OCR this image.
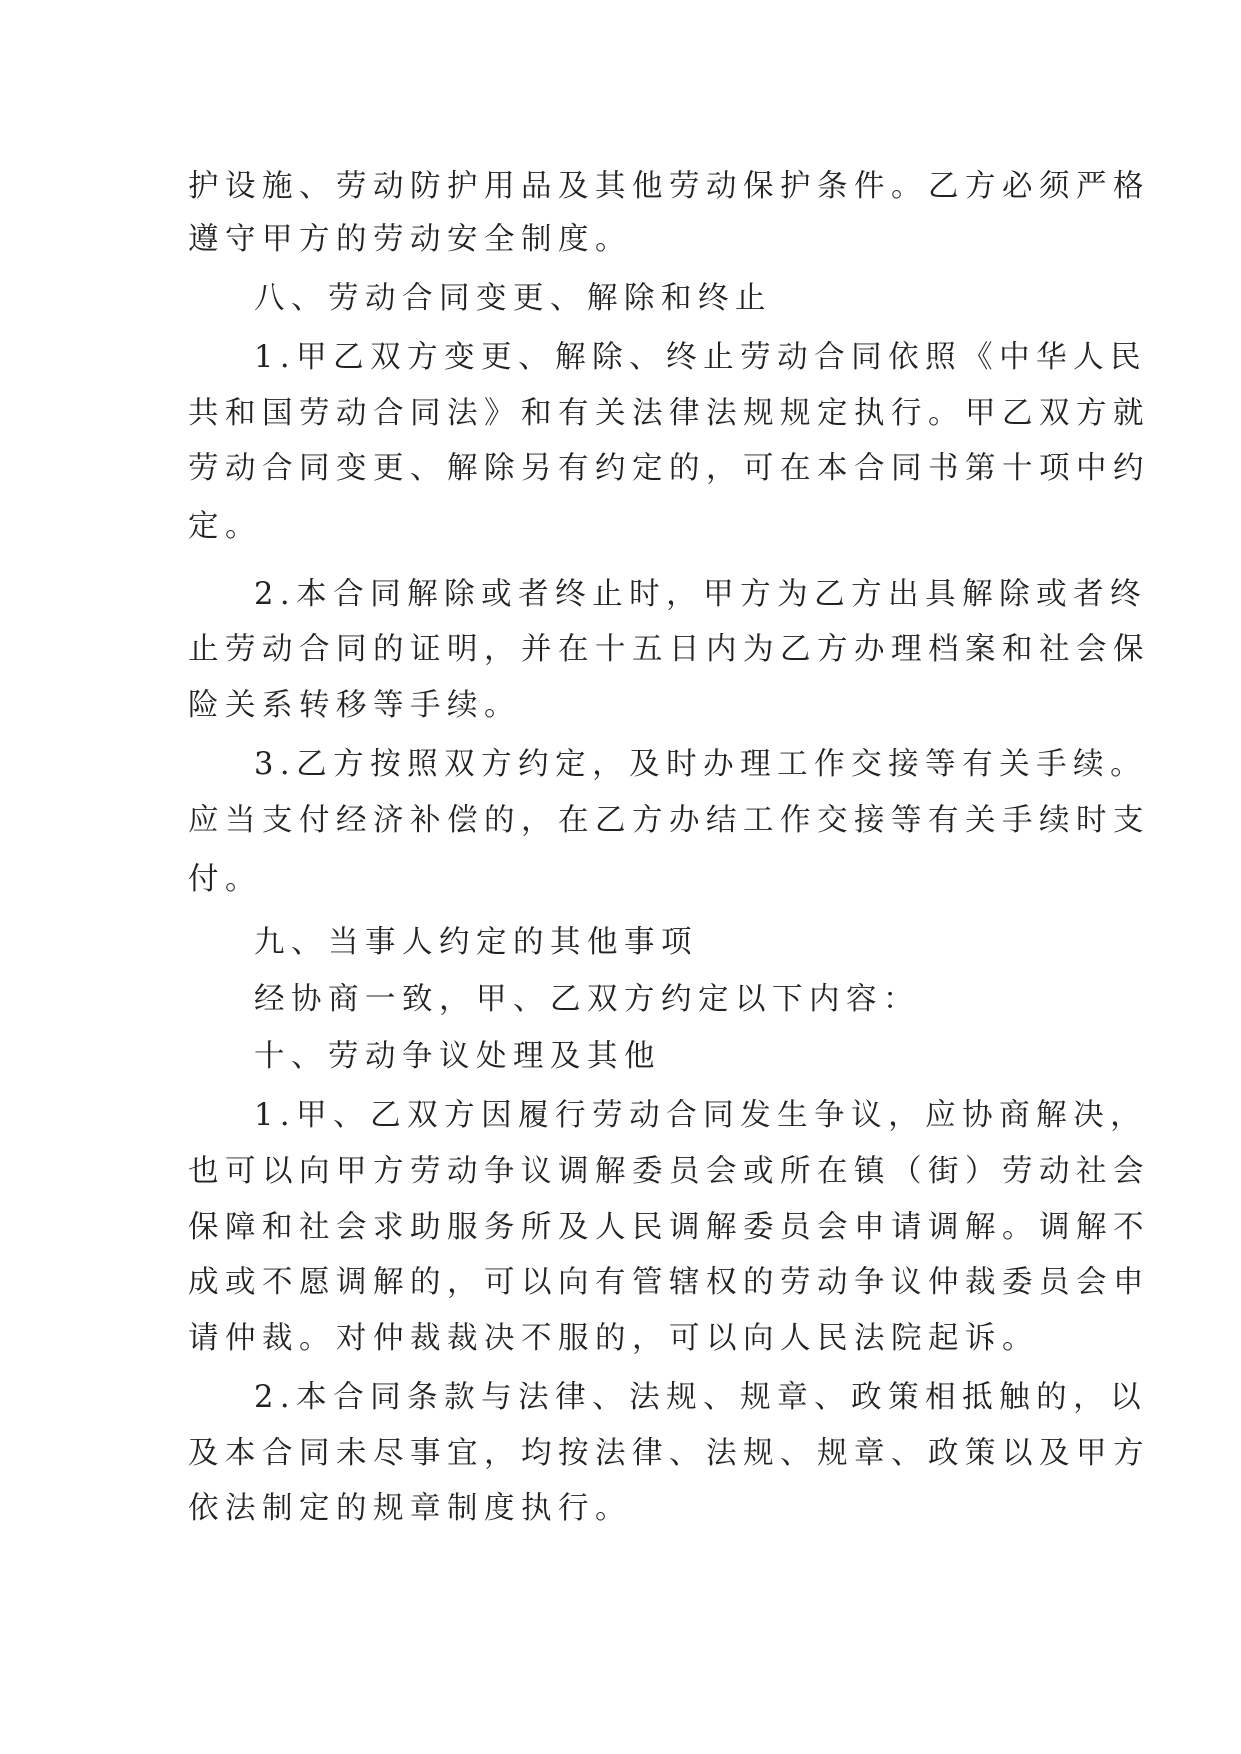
护设施、劳动防护用品及其他劳动保护条件。乙方必须严格
遵守甲方的劳动安全制度。
八、劳动合同变更、解除和终止
1.甲乙双方变更、解除、终止劳动合同依照《中华人民
共和国劳动合同法》和有关法律法规规定执行。甲乙双方就
劳动合同变更、解除另有约定的，可在本合同书第十项中约
定。
2.本合同解除或者终止时，甲方为乙方出具解除或者终
止劳动合同的证明，并在十五日内为乙方办理档案和社会保
险关系转移等手续。
3.乙方按照双方约定，及时办理工作交接等有关手续。
应当支付经济补偿的，在乙方办结工作交接等有关手续时支
付。
九、当事人约定的其他事项
经协商一致，甲、乙双方约定以下内容：
十、劳动争议处理及其他
1.甲、乙双方因履行劳动合同发生争议，应协商解决，
也可以向甲方劳动争议调解委员会或所在镇（街）劳动社会
保障和社会求助服务所及人民调解委员会申请调解。调解不
成或不愿调解的，可以向有管辖权的劳动争议仲裁委员会申
请仲裁。对仲裁裁决不服的，可以向人民法院起诉。
2.本合同条款与法律、法规、规章、政策相抵触的，以
及本合同未尽事宜，均按法律、法规、规章、政策以及甲方
依法制定的规章制度执行。
